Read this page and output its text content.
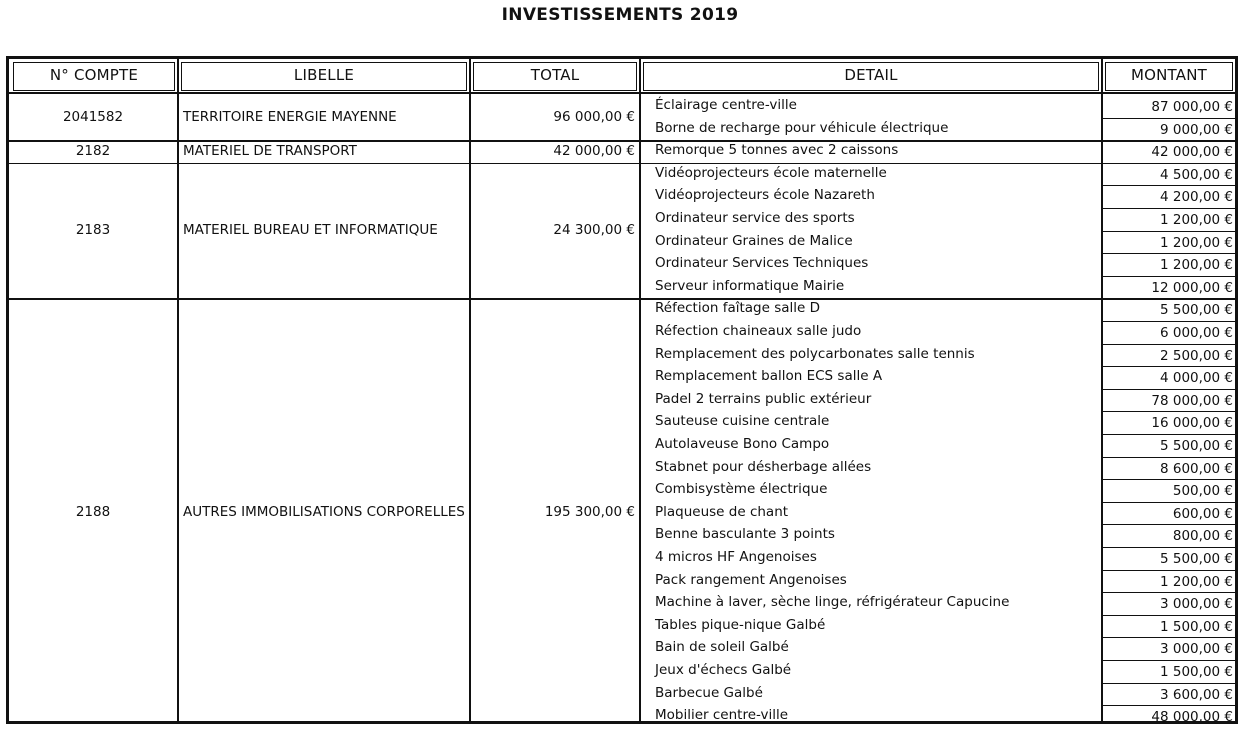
INVESTISSEMENTS 2019
N° COMPTE	LIBELLE	TOTAL	DETAIL	MONTANT
2041582	TERRITOIRE ENERGIE MAYENNE	96 000,00 €
Éclairage centre-ville	87 000,00 €
Borne de recharge pour véhicule électrique	9 000,00 €
2182	MATERIEL DE TRANSPORT	42 000,00 € Remorque 5 tonnes avec 2 caissons	42 000,00 €
2183	MATERIEL BUREAU ET INFORMATIQUE	24 300,00 €
Vidéoprojecteurs école maternelle	4 500,00 €
Vidéoprojecteurs école Nazareth	4 200,00 €
Ordinateur service des sports	1 200,00 €
Ordinateur Graines de Malice	1 200,00 €
Ordinateur Services Techniques	1 200,00 €
Serveur informatique Mairie	12 000,00 €
2188	AUTRES IMMOBILISATIONS CORPORELLES	195 300,00 €
Réfection faîtage salle D	5 500,00 €
Réfection chaineaux salle judo	6 000,00 €
Remplacement des polycarbonates salle tennis	2 500,00 €
Remplacement ballon ECS salle A	4 000,00 €
Padel 2 terrains public extérieur	78 000,00 €
Sauteuse cuisine centrale	16 000,00 €
Autolaveuse Bono Campo	5 500,00 €
Stabnet pour désherbage allées	8 600,00 €
Combisystème électrique	500,00 €
Plaqueuse de chant	600,00 €
Benne basculante 3 points	800,00 €
4 micros HF Angenoises	5 500,00 €
Pack rangement Angenoises	1 200,00 €
Machine à laver, sèche linge, réfrigérateur Capucine	3 000,00 €
Tables pique-nique Galbé	1 500,00 €
Bain de soleil Galbé	3 000,00 €
Jeux d'échecs Galbé	1 500,00 €
Barbecue Galbé	3 600,00 €
Mobilier centre-ville	48 000,00 €
